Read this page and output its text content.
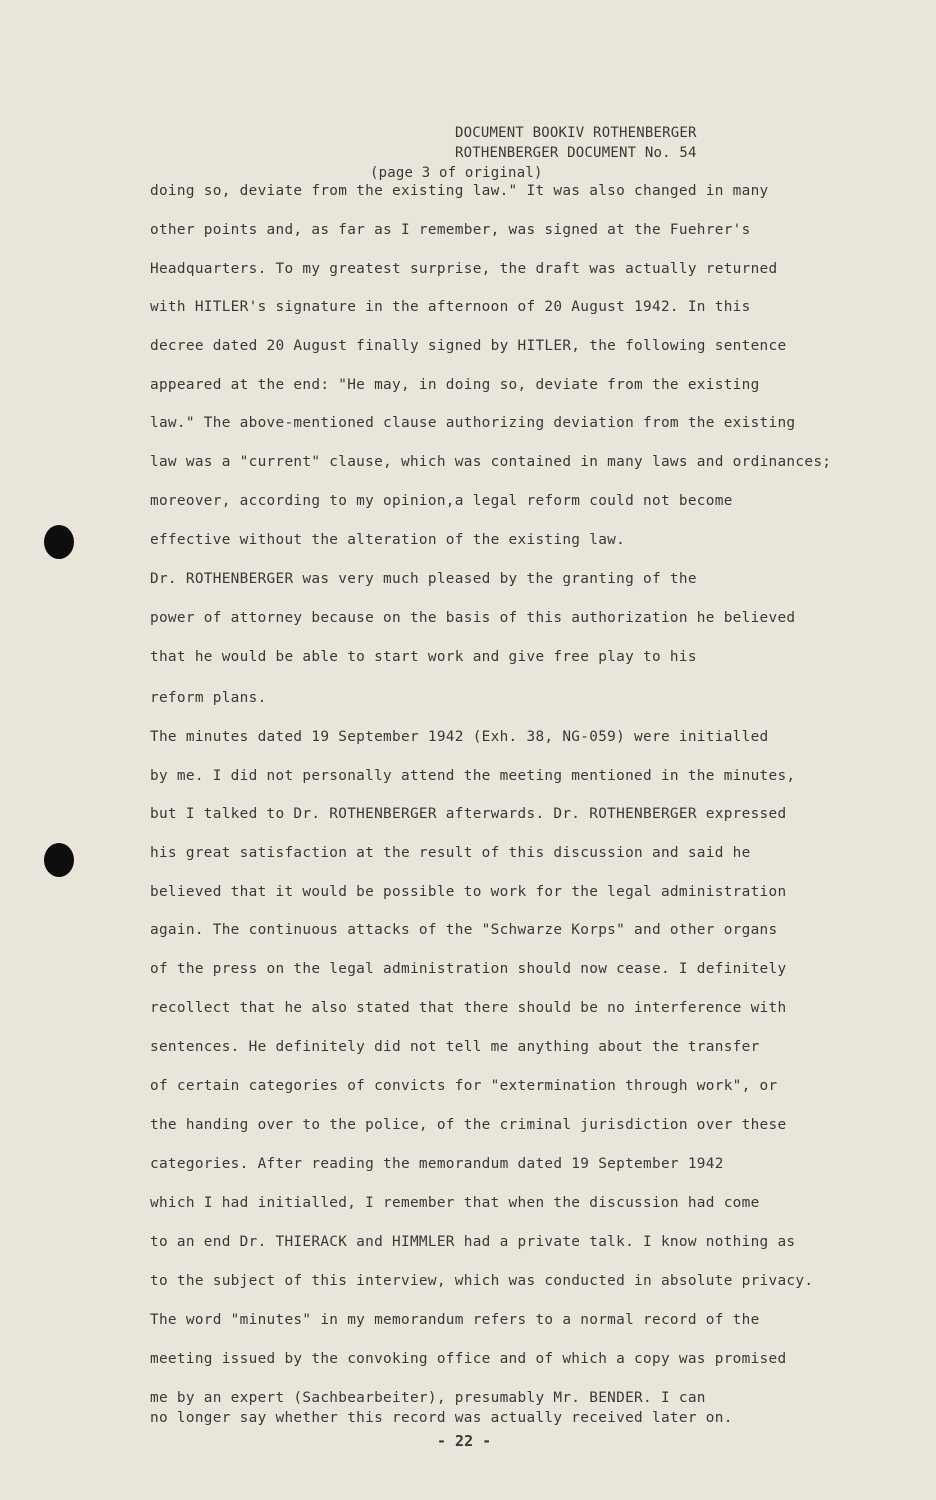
DOCUMENT BOOKIV ROTHENBERGER
ROTHENBERGER DOCUMENT No. 54
(page 3 of original)
doing so, deviate from the existing law." It was also changed in many
other points and, as far as I remember, was signed at the Fuehrer's
Headquarters. To my greatest surprise, the draft was actually returned
with HITLER's signature in the afternoon of 20 August 1942. In this
decree dated 20 August finally signed by HITLER, the following sentence
appeared at the end: "He may, in doing so, deviate from the existing
law." The above-mentioned clause authorizing deviation from the existing
law was a "current" clause, which was contained in many laws and ordinances;
moreover, according to my opinion,a legal reform could not become
effective without the alteration of the existing law.
Dr. ROTHENBERGER was very much pleased by the granting of the
power of attorney because on the basis of this authorization he believed
that he would be able to start work and give free play to his
reform plans.
The minutes dated 19 September 1942 (Exh. 38, NG-059) were initialled
by me. I did not personally attend the meeting mentioned in the minutes,
but I talked to Dr. ROTHENBERGER afterwards. Dr. ROTHENBERGER expressed
his great satisfaction at the result of this discussion and said he
believed that it would be possible to work for the legal administration
again. The continuous attacks of the "Schwarze Korps" and other organs
of the press on the legal administration should now cease. I definitely
recollect that he also stated that there should be no interference with
sentences. He definitely did not tell me anything about the transfer
of certain categories of convicts for "extermination through work", or
the handing over to the police, of the criminal jurisdiction over these
categories. After reading the memorandum dated 19 September 1942
which I had initialled, I remember that when the discussion had come
to an end Dr. THIERACK and HIMMLER had a private talk. I know nothing as
to the subject of this interview, which was conducted in absolute privacy.
The word "minutes" in my memorandum refers to a normal record of the
meeting issued by the convoking office and of which a copy was promised
me by an expert (Sachbearbeiter), presumably Mr. BENDER. I can
no longer say whether this record was actually received later on.
- 22 -
